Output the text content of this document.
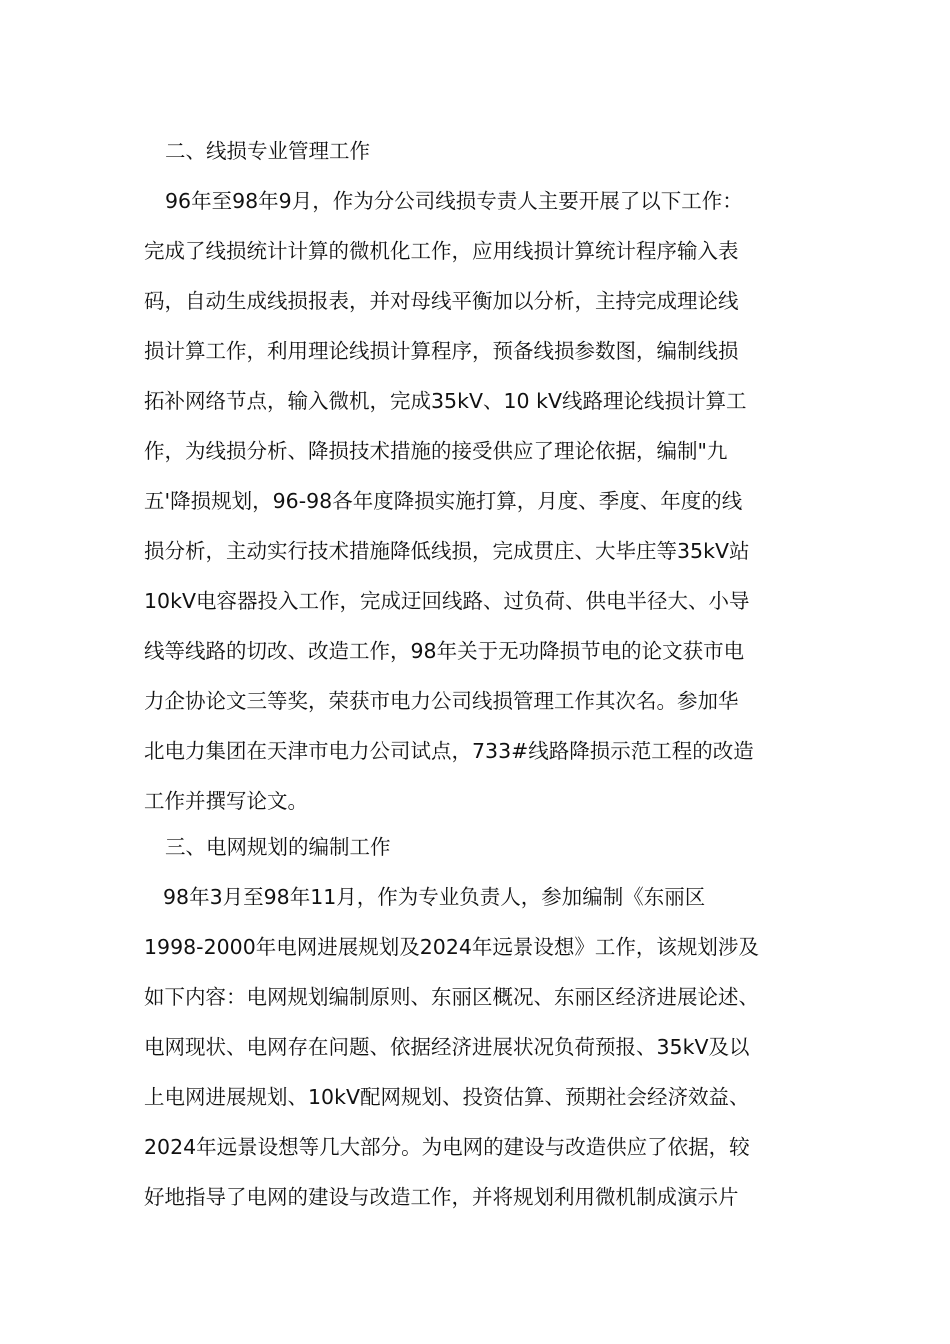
二、线损专业管理工作
96年至98年9月，作为分公司线损专责人主要开展了以下工作：
完成了线损统计计算的微机化工作，应用线损计算统计程序输入表
码，自动生成线损报表，并对母线平衡加以分析，主持完成理论线
损计算工作，利用理论线损计算程序，预备线损参数图，编制线损
拓补网络节点，输入微机，完成35kV、10 kV线路理论线损计算工
作，为线损分析、降损技术措施的接受供应了理论依据，编制"九
五'降损规划，96-98各年度降损实施打算，月度、季度、年度的线
损分析，主动实行技术措施降低线损，完成贯庄、大毕庄等35kV站
10kV电容器投入工作，完成迂回线路、过负荷、供电半径大、小导
线等线路的切改、改造工作，98年关于无功降损节电的论文获市电
力企协论文三等奖，荣获市电力公司线损管理工作其次名。参加华
北电力集团在天津市电力公司试点，733#线路降损示范工程的改造
工作并撰写论文。
三、电网规划的编制工作
98年3月至98年11月，作为专业负责人，参加编制《东丽区
1998-2000年电网进展规划及2024年远景设想》工作，该规划涉及
如下内容：电网规划编制原则、东丽区概况、东丽区经济进展论述、
电网现状、电网存在问题、依据经济进展状况负荷预报、35kV及以
上电网进展规划、10kV配网规划、投资估算、预期社会经济效益、
2024年远景设想等几大部分。为电网的建设与改造供应了依据，较
好地指导了电网的建设与改造工作，并将规划利用微机制成演示片
